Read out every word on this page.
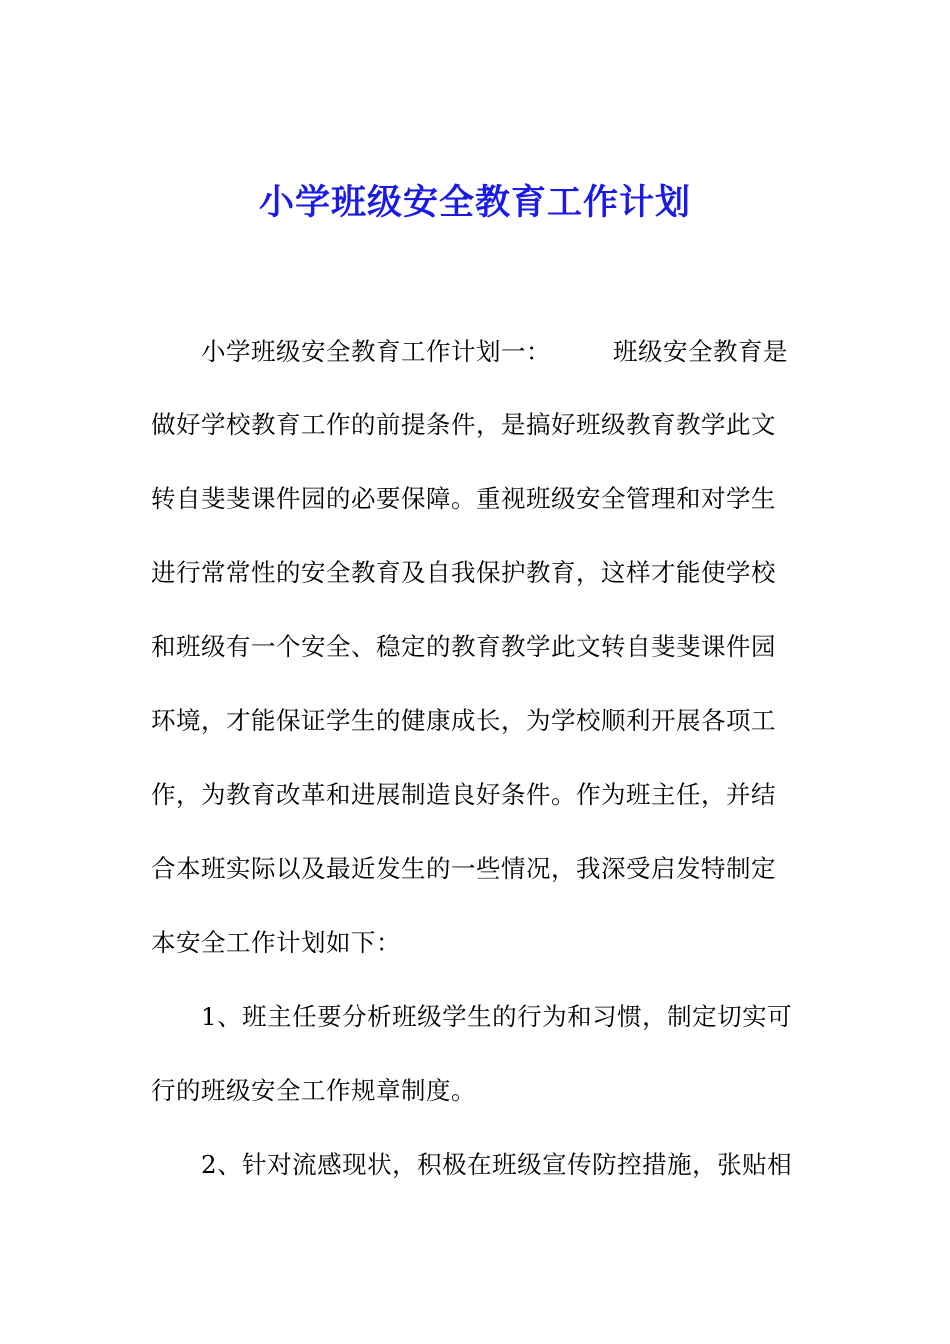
小学班级安全教育工作计划
小学班级安全教育工作计划一：	班级安全教育是
做好学校教育工作的前提条件，是搞好班级教育教学此文
转自斐斐课件园的必要保障。重视班级安全管理和对学生
进行常常性的安全教育及自我保护教育，这样才能使学校
和班级有一个安全、稳定的教育教学此文转自斐斐课件园
环境，才能保证学生的健康成长，为学校顺利开展各项工
作，为教育改革和进展制造良好条件。作为班主任，并结
合本班实际以及最近发生的一些情况，我深受启发特制定
本安全工作计划如下：
1、班主任要分析班级学生的行为和习惯，制定切实可
行的班级安全工作规章制度。
2、针对流感现状，积极在班级宣传防控措施，张贴相
